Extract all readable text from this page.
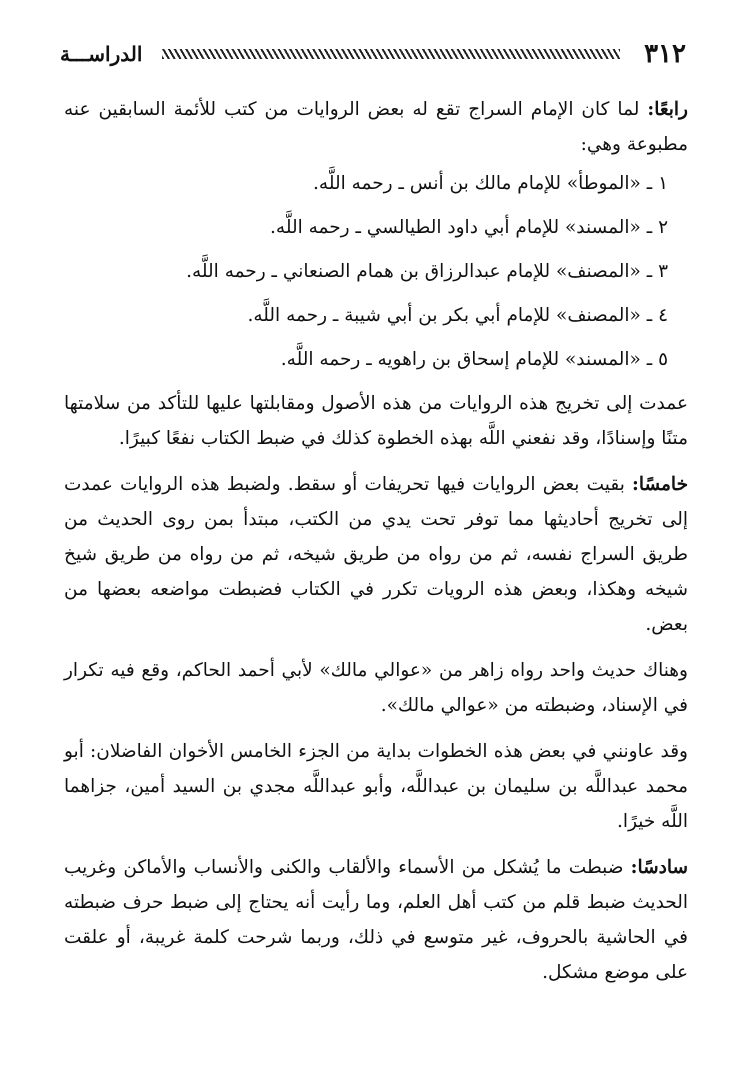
٣١٢
الدراســـة

رابعًا: لما كان الإمام السراج تقع له بعض الروايات من كتب للأئمة السابقين عنه مطبوعة وهي:

١ ـ «الموطأ» للإمام مالك بن أنس ـ رحمه اللَّه.
٢ ـ «المسند» للإمام أبي داود الطيالسي ـ رحمه اللَّه.
٣ ـ «المصنف» للإمام عبدالرزاق بن همام الصنعاني ـ رحمه اللَّه.
٤ ـ «المصنف» للإمام أبي بكر بن أبي شيبة ـ رحمه اللَّه.
٥ ـ «المسند» للإمام إسحاق بن راهويه ـ رحمه اللَّه.

عمدت إلى تخريج هذه الروايات من هذه الأصول ومقابلتها عليها للتأكد من سلامتها متنًا وإسنادًا، وقد نفعني اللَّه بهذه الخطوة كذلك في ضبط الكتاب نفعًا كبيرًا.

خامسًا: بقيت بعض الروايات فيها تحريفات أو سقط. ولضبط هذه الروايات عمدت إلى تخريج أحاديثها مما توفر تحت يدي من الكتب، مبتدأ بمن روى الحديث من طريق السراج نفسه، ثم من رواه من طريق شيخه، ثم من رواه من طريق شيخ شيخه وهكذا، وبعض هذه الرويات تكرر في الكتاب فضبطت مواضعه بعضها من بعض.

وهناك حديث واحد رواه زاهر من «عوالي مالك» لأبي أحمد الحاكم، وقع فيه تكرار في الإسناد، وضبطته من «عوالي مالك».

وقد عاونني في بعض هذه الخطوات بداية من الجزء الخامس الأخوان الفاضلان: أبو محمد عبداللَّه بن سليمان بن عبداللَّه، وأبو عبداللَّه مجدي بن السيد أمين، جزاهما اللَّه خيرًا.

سادسًا: ضبطت ما يُشكل من الأسماء والألقاب والكنى والأنساب والأماكن وغريب الحديث ضبط قلم من كتب أهل العلم، وما رأيت أنه يحتاج إلى ضبط حرف ضبطته في الحاشية بالحروف، غير متوسع في ذلك، وربما شرحت كلمة غريبة، أو علقت على موضع مشكل.
